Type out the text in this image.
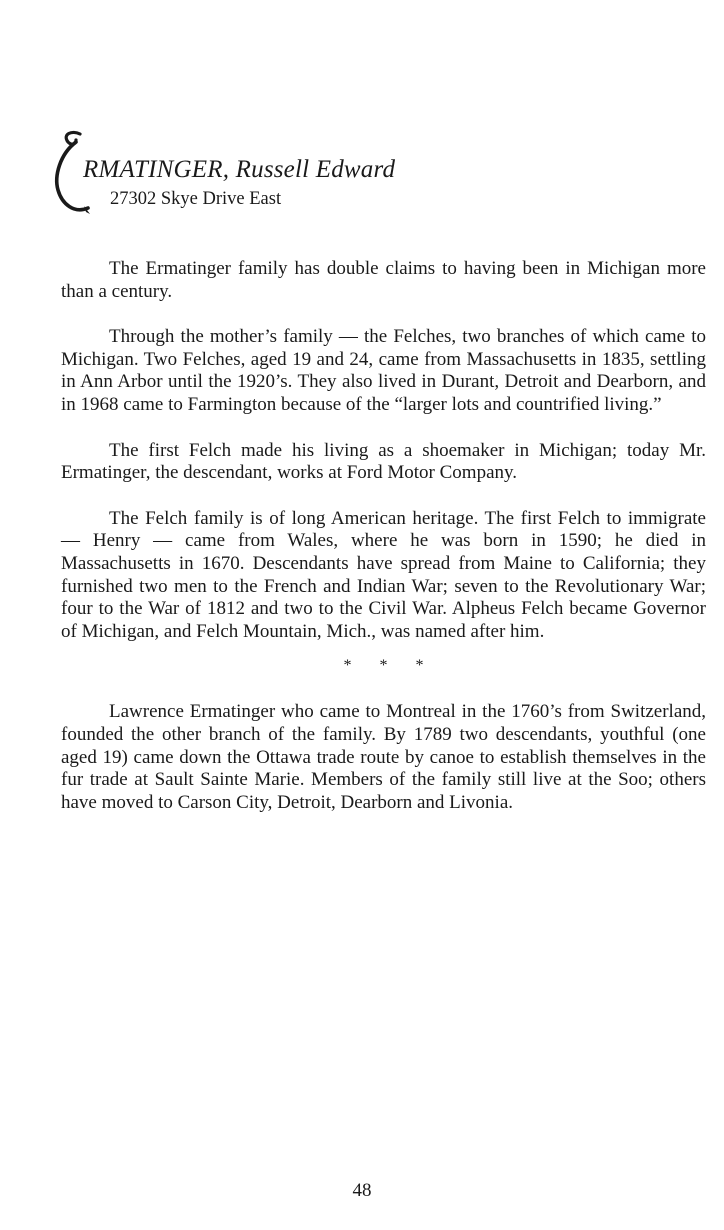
RMATINGER, Russell Edward
27302 Skye Drive East

The Ermatinger family has double claims to having been in Michigan more than a century.

Through the mother’s family — the Felches, two branches of which came to Michigan. Two Felches, aged 19 and 24, came from Massachusetts in 1835, settling in Ann Arbor until the 1920’s. They also lived in Durant, Detroit and Dearborn, and in 1968 came to Farmington because of the “larger lots and countrified living.”

The first Felch made his living as a shoemaker in Michigan; today Mr. Ermatinger, the descendant, works at Ford Motor Company.

The Felch family is of long American heritage. The first Felch to immigrate — Henry — came from Wales, where he was born in 1590; he died in Massachusetts in 1670. Descendants have spread from Maine to California; they furnished two men to the French and Indian War; seven to the Revolutionary War; four to the War of 1812 and two to the Civil War. Alpheus Felch became Governor of Michigan, and Felch Mountain, Mich., was named after him.

* * *

Lawrence Ermatinger who came to Montreal in the 1760’s from Switzerland, founded the other branch of the family. By 1789 two descendants, youthful (one aged 19) came down the Ottawa trade route by canoe to establish themselves in the fur trade at Sault Sainte Marie. Members of the family still live at the Soo; others have moved to Carson City, Detroit, Dearborn and Livonia.

48
